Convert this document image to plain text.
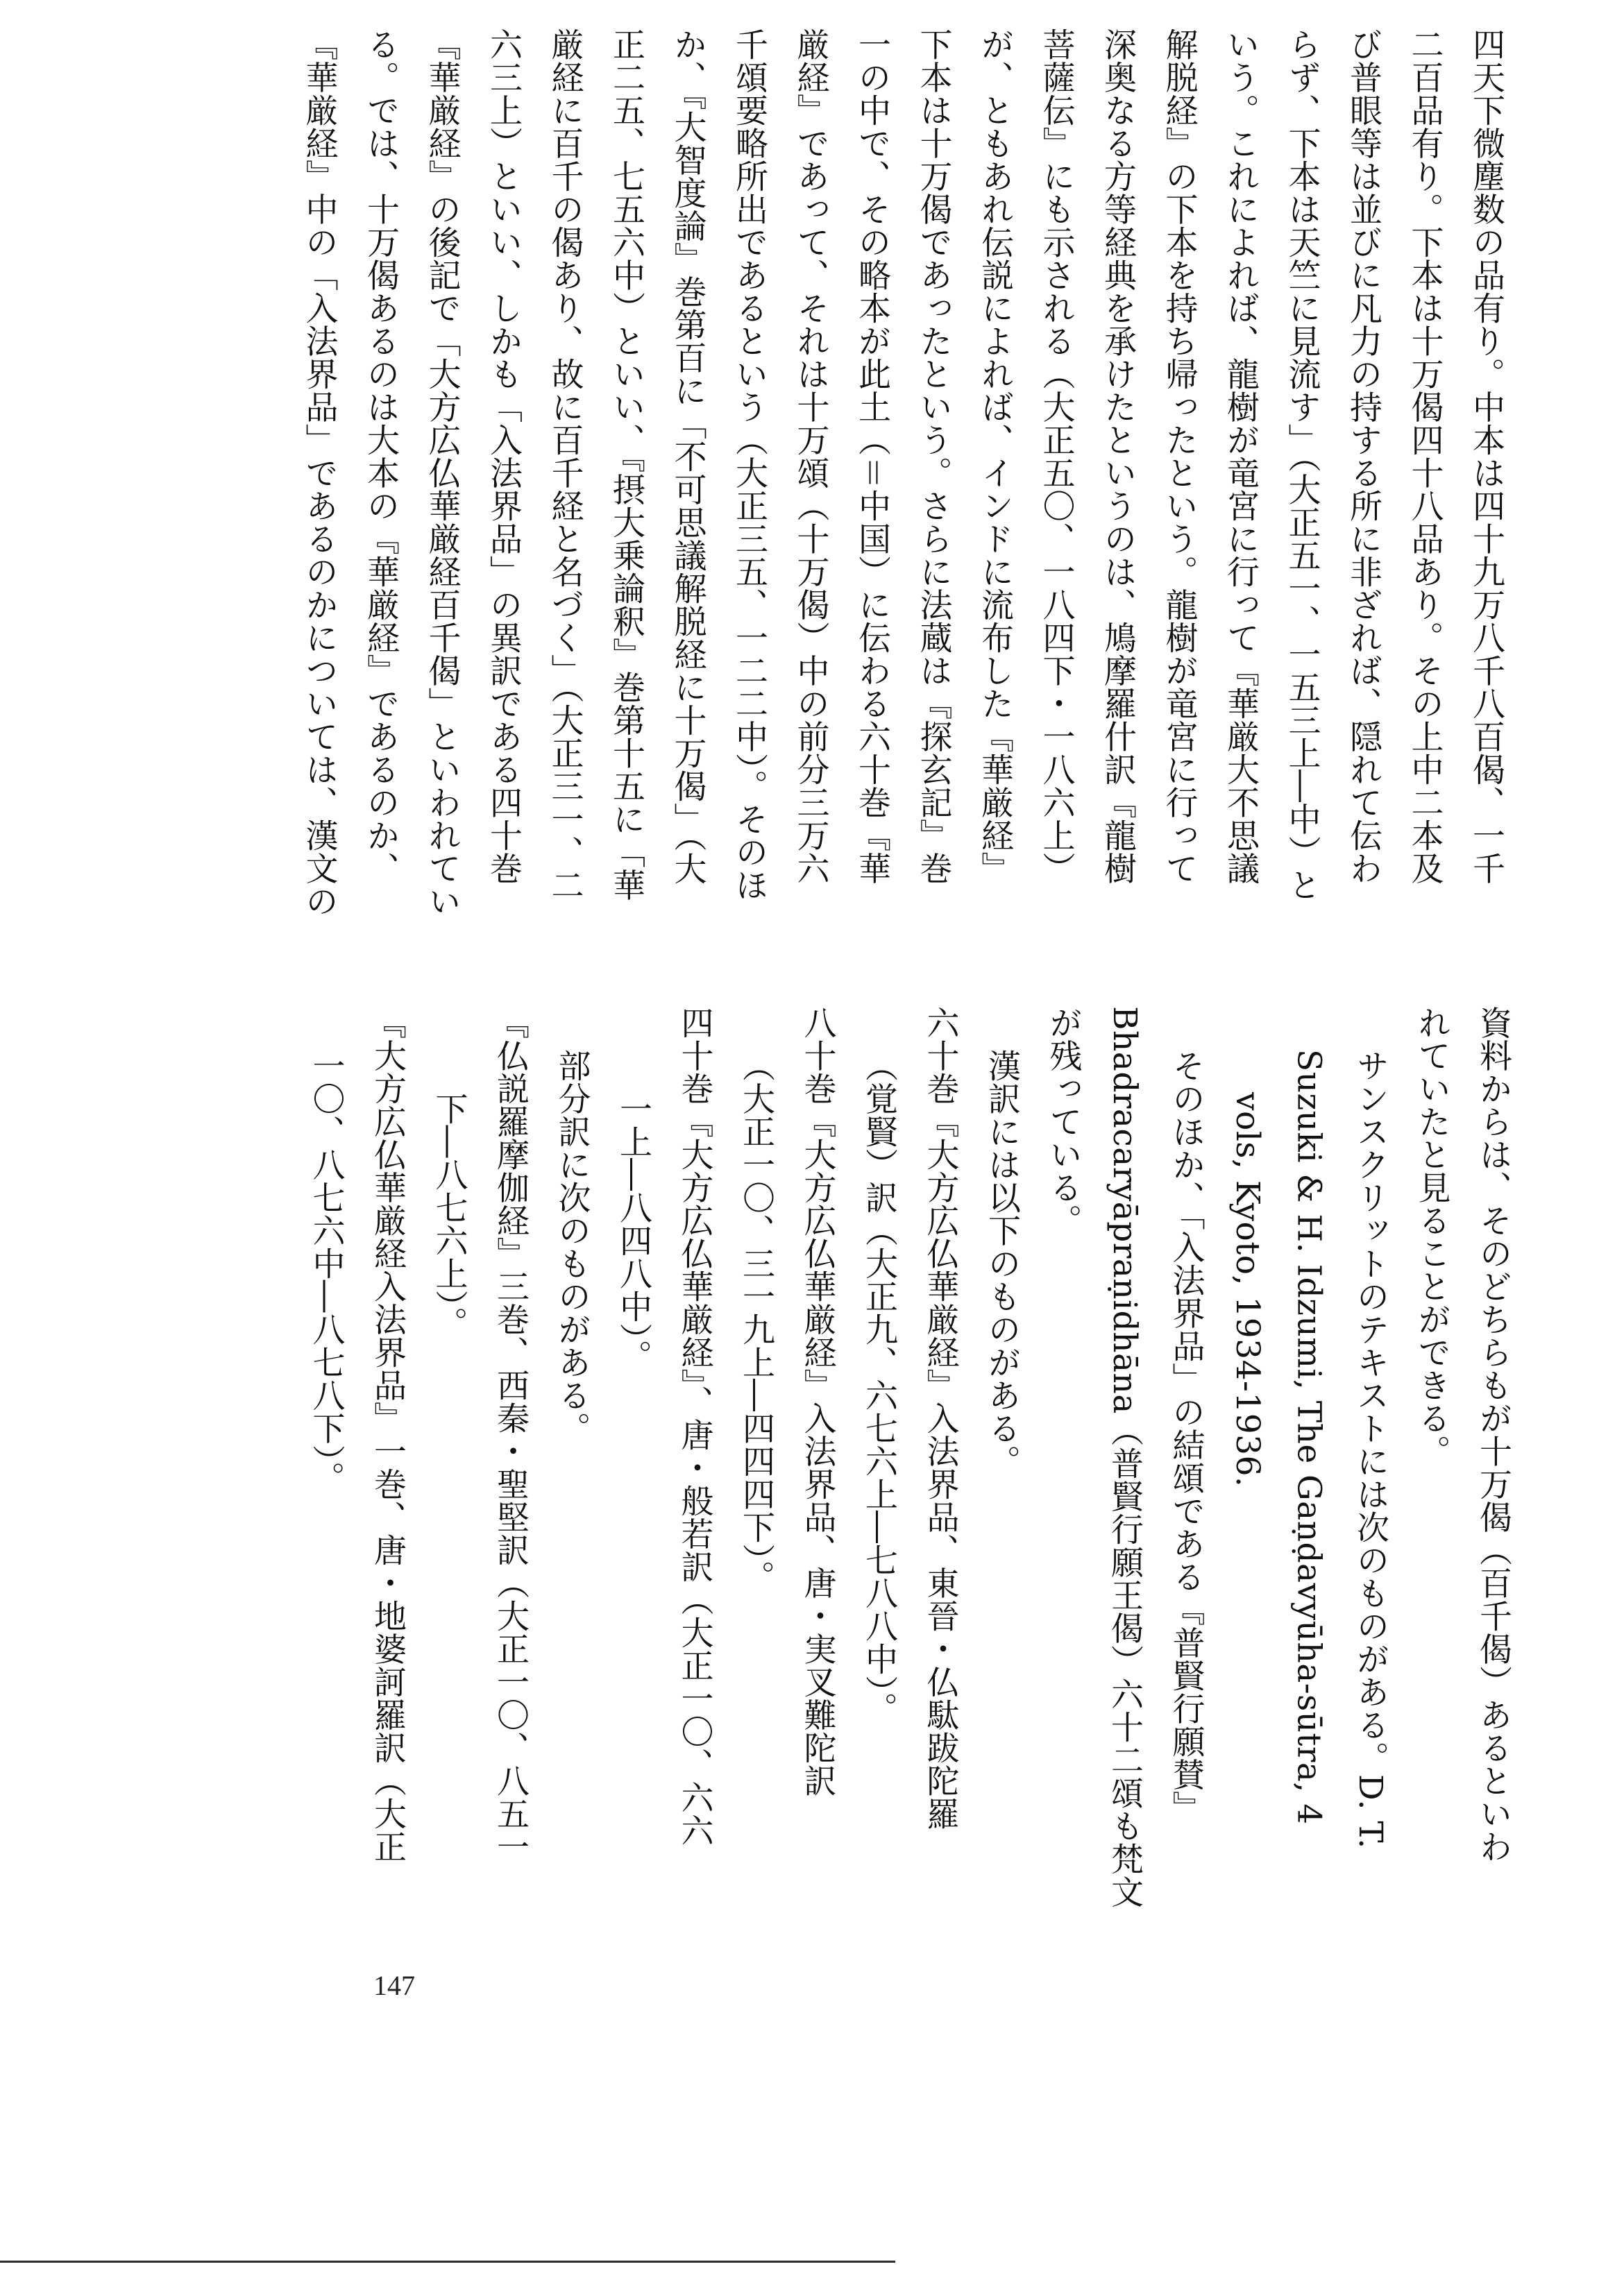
四天下微塵数の品有り。中本は四十九万八千八百偈、一千
二百品有り。下本は十万偈四十八品あり。その上中二本及
び普眼等は並びに凡力の持する所に非ざれば、隠れて伝わ
らず、下本は天竺に見流す」（大正五一、一五三上―中）と
いう。これによれば、龍樹が竜宮に行って『華厳大不思議
解脱経』の下本を持ち帰ったという。龍樹が竜宮に行って
深奥なる方等経典を承けたというのは、鳩摩羅什訳『龍樹
菩薩伝』にも示される（大正五〇、一八四下・一八六上）
が、ともあれ伝説によれば、インドに流布した『華厳経』
下本は十万偈であったという。さらに法蔵は『探玄記』巻
一の中で、その略本が此土（＝中国）に伝わる六十巻『華
厳経』であって、それは十万頌（十万偈）中の前分三万六
千頌要略所出であるという（大正三五、一二二中）。そのほ
か、『大智度論』巻第百に「不可思議解脱経に十万偈」（大
正二五、七五六中）といい、『摂大乗論釈』巻第十五に「華
厳経に百千の偈あり、故に百千経と名づく」（大正三一、二
六三上）といい、しかも「入法界品」の異訳である四十巻
『華厳経』の後記で「大方広仏華厳経百千偈」といわれてい
る。では、十万偈あるのは大本の『華厳経』であるのか、
『華厳経』中の「入法界品」であるのかについては、漢文の
資料からは、そのどちらもが十万偈（百千偈）あるといわ
れていたと見ることができる。
サンスクリットのテキストには次のものがある。D. T.
Suzuki & H. Idzumi, The Gaṇḍavyūha-sūtra, 4
vols, Kyoto, 1934-1936.
そのほか、「入法界品」の結頌である『普賢行願賛』
Bhadracaryāpraṇidhāna（普賢行願王偈）六十二頌も梵文
が残っている。
漢訳には以下のものがある。
六十巻『大方広仏華厳経』入法界品、東晉・仏駄跋陀羅
（覚賢）訳（大正九、六七六上―七八八中）。
八十巻『大方広仏華厳経』入法界品、唐・実叉難陀訳
（大正一〇、三一九上―四四四下）。
四十巻『大方広仏華厳経』、唐・般若訳（大正一〇、六六
一上―八四八中）。
部分訳に次のものがある。
『仏説羅摩伽経』三巻、西秦・聖堅訳（大正一〇、八五一
下―八七六上）。
『大方広仏華厳経入法界品』一巻、唐・地婆訶羅訳（大正
一〇、八七六中―八七八下）。
147
